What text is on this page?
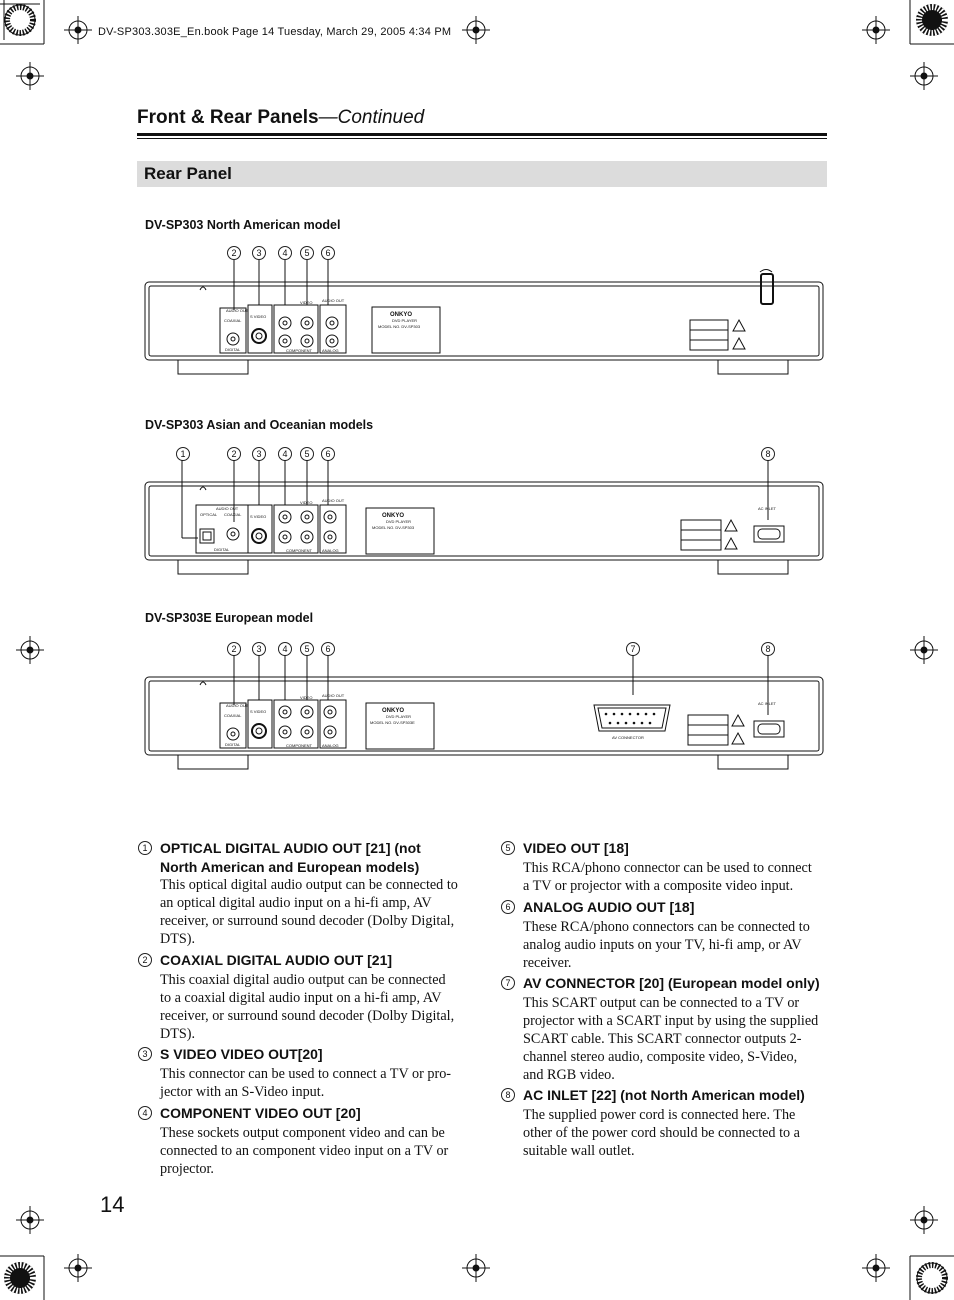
DV-SP303.303E_En.book Page 14 Tuesday, March 29, 2005 4:34 PM
Front & Rear Panels—Continued
Rear Panel
DV-SP303 North American model
DV-SP303 Asian and Oceanian models
DV-SP303E European model
2	3	4	5	6
1	2	3	4	5	6	8
2	3	4	5	6	7	8
AUDIO OUT
COAXIAL
DIGITAL
S VIDEO
VIDEO
COMPONENT	ANALOG
AUDIO OUT
ONKYO
DVD PLAYER
MODEL NO. DV-SP303
AUDIO OUT
OPTICAL COAXIAL
DIGITAL
S VIDEO
VIDEO
COMPONENT	ANALOG
AUDIO OUT
ONKYO
DVD PLAYER
MODEL NO. DV-SP303
AC INLET
AUDIO OUT
COAXIAL
DIGITAL
S VIDEO
VIDEO
COMPONENT	ANALOG
AUDIO OUT
ONKYO
DVD PLAYER
MODEL NO. DV-SP303E
AV CONNECTOR
AC INLET
1 OPTICAL DIGITAL AUDIO OUT [21] (not
North American and European models)
This optical digital audio output can be connected to
an optical digital audio input on a hi-fi amp, AV
receiver, or surround sound decoder (Dolby Digital,
DTS).
2 COAXIAL DIGITAL AUDIO OUT [21]
This coaxial digital audio output can be connected
to a coaxial digital audio input on a hi-fi amp, AV
receiver, or surround sound decoder (Dolby Digital,
DTS).
3 S VIDEO VIDEO OUT[20]
This connector can be used to connect a TV or pro-
jector with an S-Video input.
4 COMPONENT VIDEO OUT [20]
These sockets output component video and can be
connected to an component video input on a TV or
projector.
5 VIDEO OUT [18]
This RCA/phono connector can be used to connect
a TV or projector with a composite video input.
6 ANALOG AUDIO OUT [18]
These RCA/phono connectors can be connected to
analog audio inputs on your TV, hi-fi amp, or AV
receiver.
7 AV CONNECTOR [20] (European model only)
This SCART output can be connected to a TV or
projector with a SCART input by using the supplied
SCART cable. This SCART connector outputs 2-
channel stereo audio, composite video, S-Video,
and RGB video.
8 AC INLET [22] (not North American model)
The supplied power cord is connected here. The
other of the power cord should be connected to a
suitable wall outlet.
14
